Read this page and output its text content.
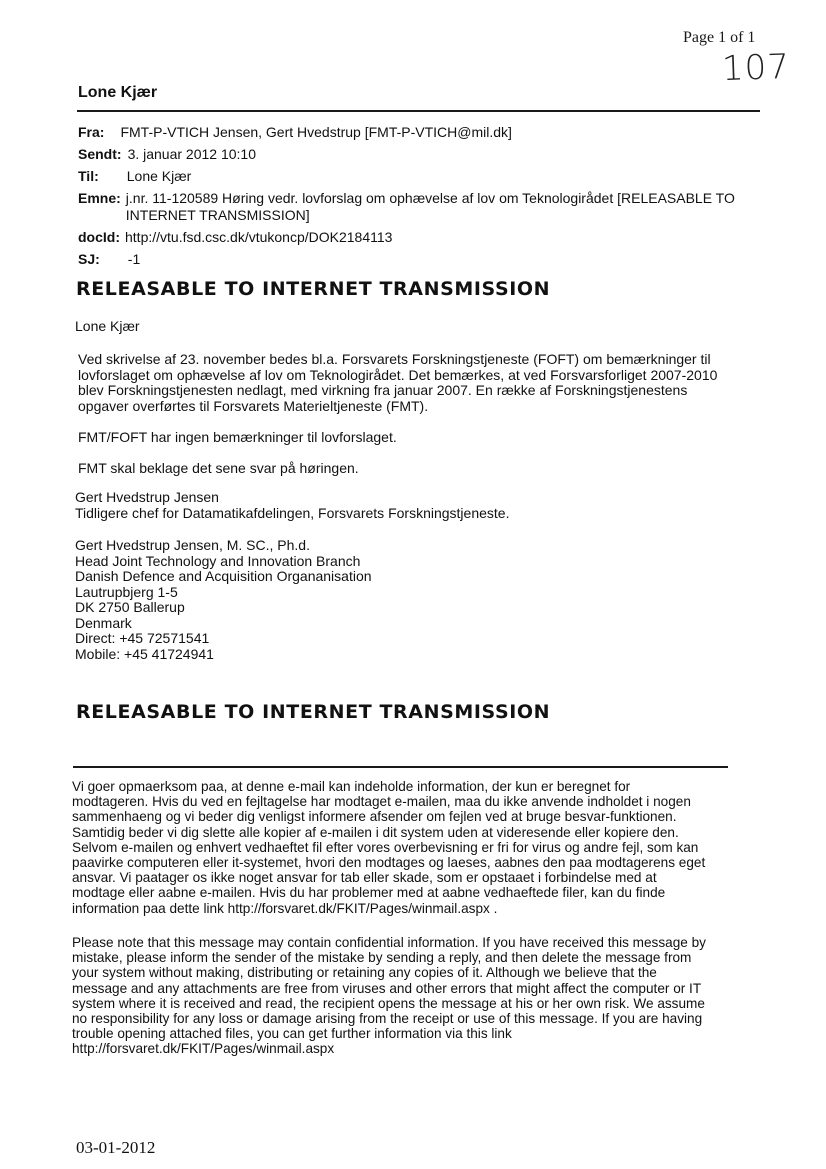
Page 1 of 1
107
Lone Kjær
Fra:	FMT-P-VTICH Jensen, Gert Hvedstrup [FMT-P-VTICH@mil.dk]
Sendt: 3. januar 2012 10:10
Til:	Lone Kjær
Emne: j.nr. 11-120589 Høring vedr. lovforslag om ophævelse af lov om Teknologirådet [RELEASABLE TO INTERNET TRANSMISSION]
docId: http://vtu.fsd.csc.dk/vtukoncp/DOK2184113
SJ:	-1
RELEASABLE TO INTERNET TRANSMISSION
Lone Kjær
Ved skrivelse af 23. november bedes bl.a. Forsvarets Forskningstjeneste (FOFT) om bemærkninger til
lovforslaget om ophævelse af lov om Teknologirådet. Det bemærkes, at ved Forsvarsforliget 2007-2010
blev Forskningstjenesten nedlagt, med virkning fra januar 2007. En række af Forskningstjenestens
opgaver overførtes til Forsvarets Materieltjeneste (FMT).
FMT/FOFT har ingen bemærkninger til lovforslaget.
FMT skal beklage det sene svar på høringen.
Gert Hvedstrup Jensen
Tidligere chef for Datamatikafdelingen, Forsvarets Forskningstjeneste.
Gert Hvedstrup Jensen, M. SC., Ph.d.
Head Joint Technology and Innovation Branch
Danish Defence and Acquisition Organanisation
Lautrupbjerg 1-5
DK 2750 Ballerup
Denmark
Direct: +45 72571541
Mobile: +45 41724941
RELEASABLE TO INTERNET TRANSMISSION
Vi goer opmaerksom paa, at denne e-mail kan indeholde information, der kun er beregnet for
modtageren. Hvis du ved en fejltagelse har modtaget e-mailen, maa du ikke anvende indholdet i nogen
sammenhaeng og vi beder dig venligst informere afsender om fejlen ved at bruge besvar-funktionen.
Samtidig beder vi dig slette alle kopier af e-mailen i dit system uden at videresende eller kopiere den.
Selvom e-mailen og enhvert vedhaeftet fil efter vores overbevisning er fri for virus og andre fejl, som kan
paavirke computeren eller it-systemet, hvori den modtages og laeses, aabnes den paa modtagerens eget
ansvar. Vi paatager os ikke noget ansvar for tab eller skade, som er opstaaet i forbindelse med at
modtage eller aabne e-mailen. Hvis du har problemer med at aabne vedhaeftede filer, kan du finde
information paa dette link http://forsvaret.dk/FKIT/Pages/winmail.aspx .
Please note that this message may contain confidential information. If you have received this message by
mistake, please inform the sender of the mistake by sending a reply, and then delete the message from
your system without making, distributing or retaining any copies of it. Although we believe that the
message and any attachments are free from viruses and other errors that might affect the computer or IT
system where it is received and read, the recipient opens the message at his or her own risk. We assume
no responsibility for any loss or damage arising from the receipt or use of this message. If you are having
trouble opening attached files, you can get further information via this link
http://forsvaret.dk/FKIT/Pages/winmail.aspx
03-01-2012
